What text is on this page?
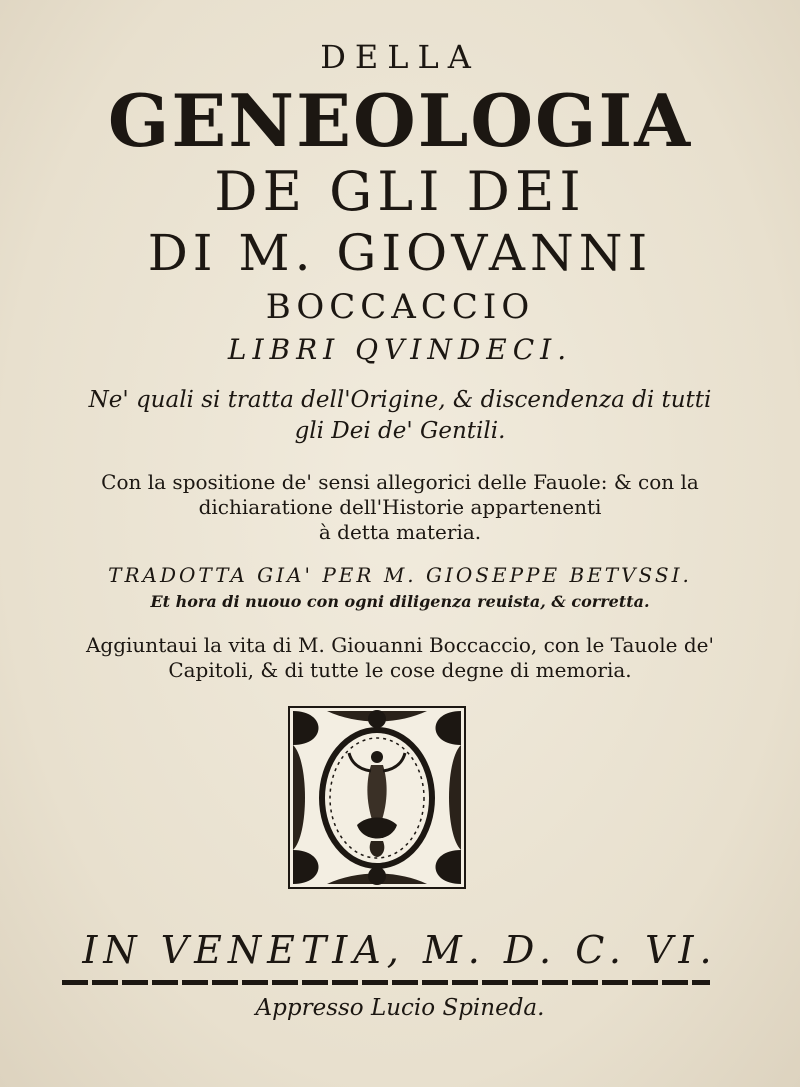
DELLA
GENEOLOGIA
DE GLI DEI
DI M. GIOVANNI
BOCCACCIO
LIBRI QVINDECI.
Ne' quali si tratta dell'Origine, & discendenza di tutti
gli Dei de' Gentili.
Con la spositione de' sensi allegorici delle Fauole: & con la
dichiaratione dell'Historie appartenenti
à detta materia.
TRADOTTA GIA' PER M. GIOSEPPE BETVSSI.
Et hora di nuouo con ogni diligenza reuista, & corretta.
Aggiuntaui la vita di M. Giouanni Boccaccio, con le Tauole de'
Capitoli, & di tutte le cose degne di memoria.
IN VENETIA, M. D. C. VI.
Appresso Lucio Spineda.
